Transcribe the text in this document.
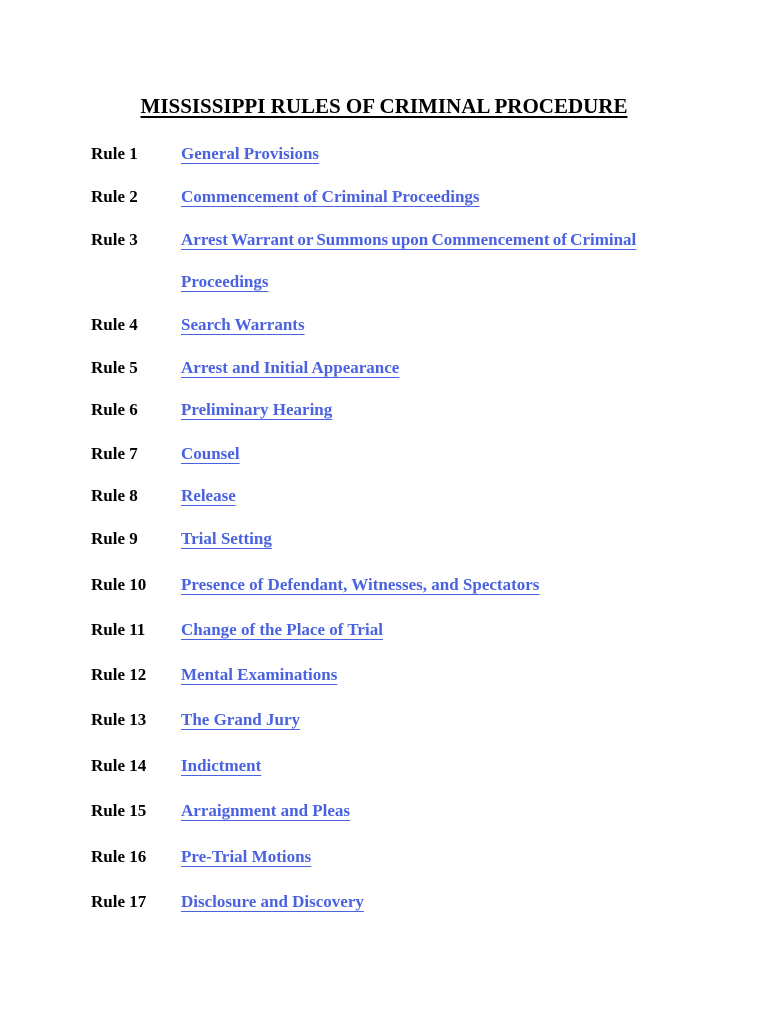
MISSISSIPPI RULES OF CRIMINAL PROCEDURE
Rule 1	General Provisions
Rule 2	Commencement of Criminal Proceedings
Rule 3	Arrest Warrant or Summons upon Commencement of Criminal
Proceedings
Rule 4	Search Warrants
Rule 5	Arrest and Initial Appearance
Rule 6	Preliminary Hearing
Rule 7	Counsel
Rule 8	Release
Rule 9	Trial Setting
Rule 10 Presence of Defendant, Witnesses, and Spectators
Rule 11 Change of the Place of Trial
Rule 12 Mental Examinations
Rule 13 The Grand Jury
Rule 14 Indictment
Rule 15 Arraignment and Pleas
Rule 16 Pre-Trial Motions
Rule 17 Disclosure and Discovery
